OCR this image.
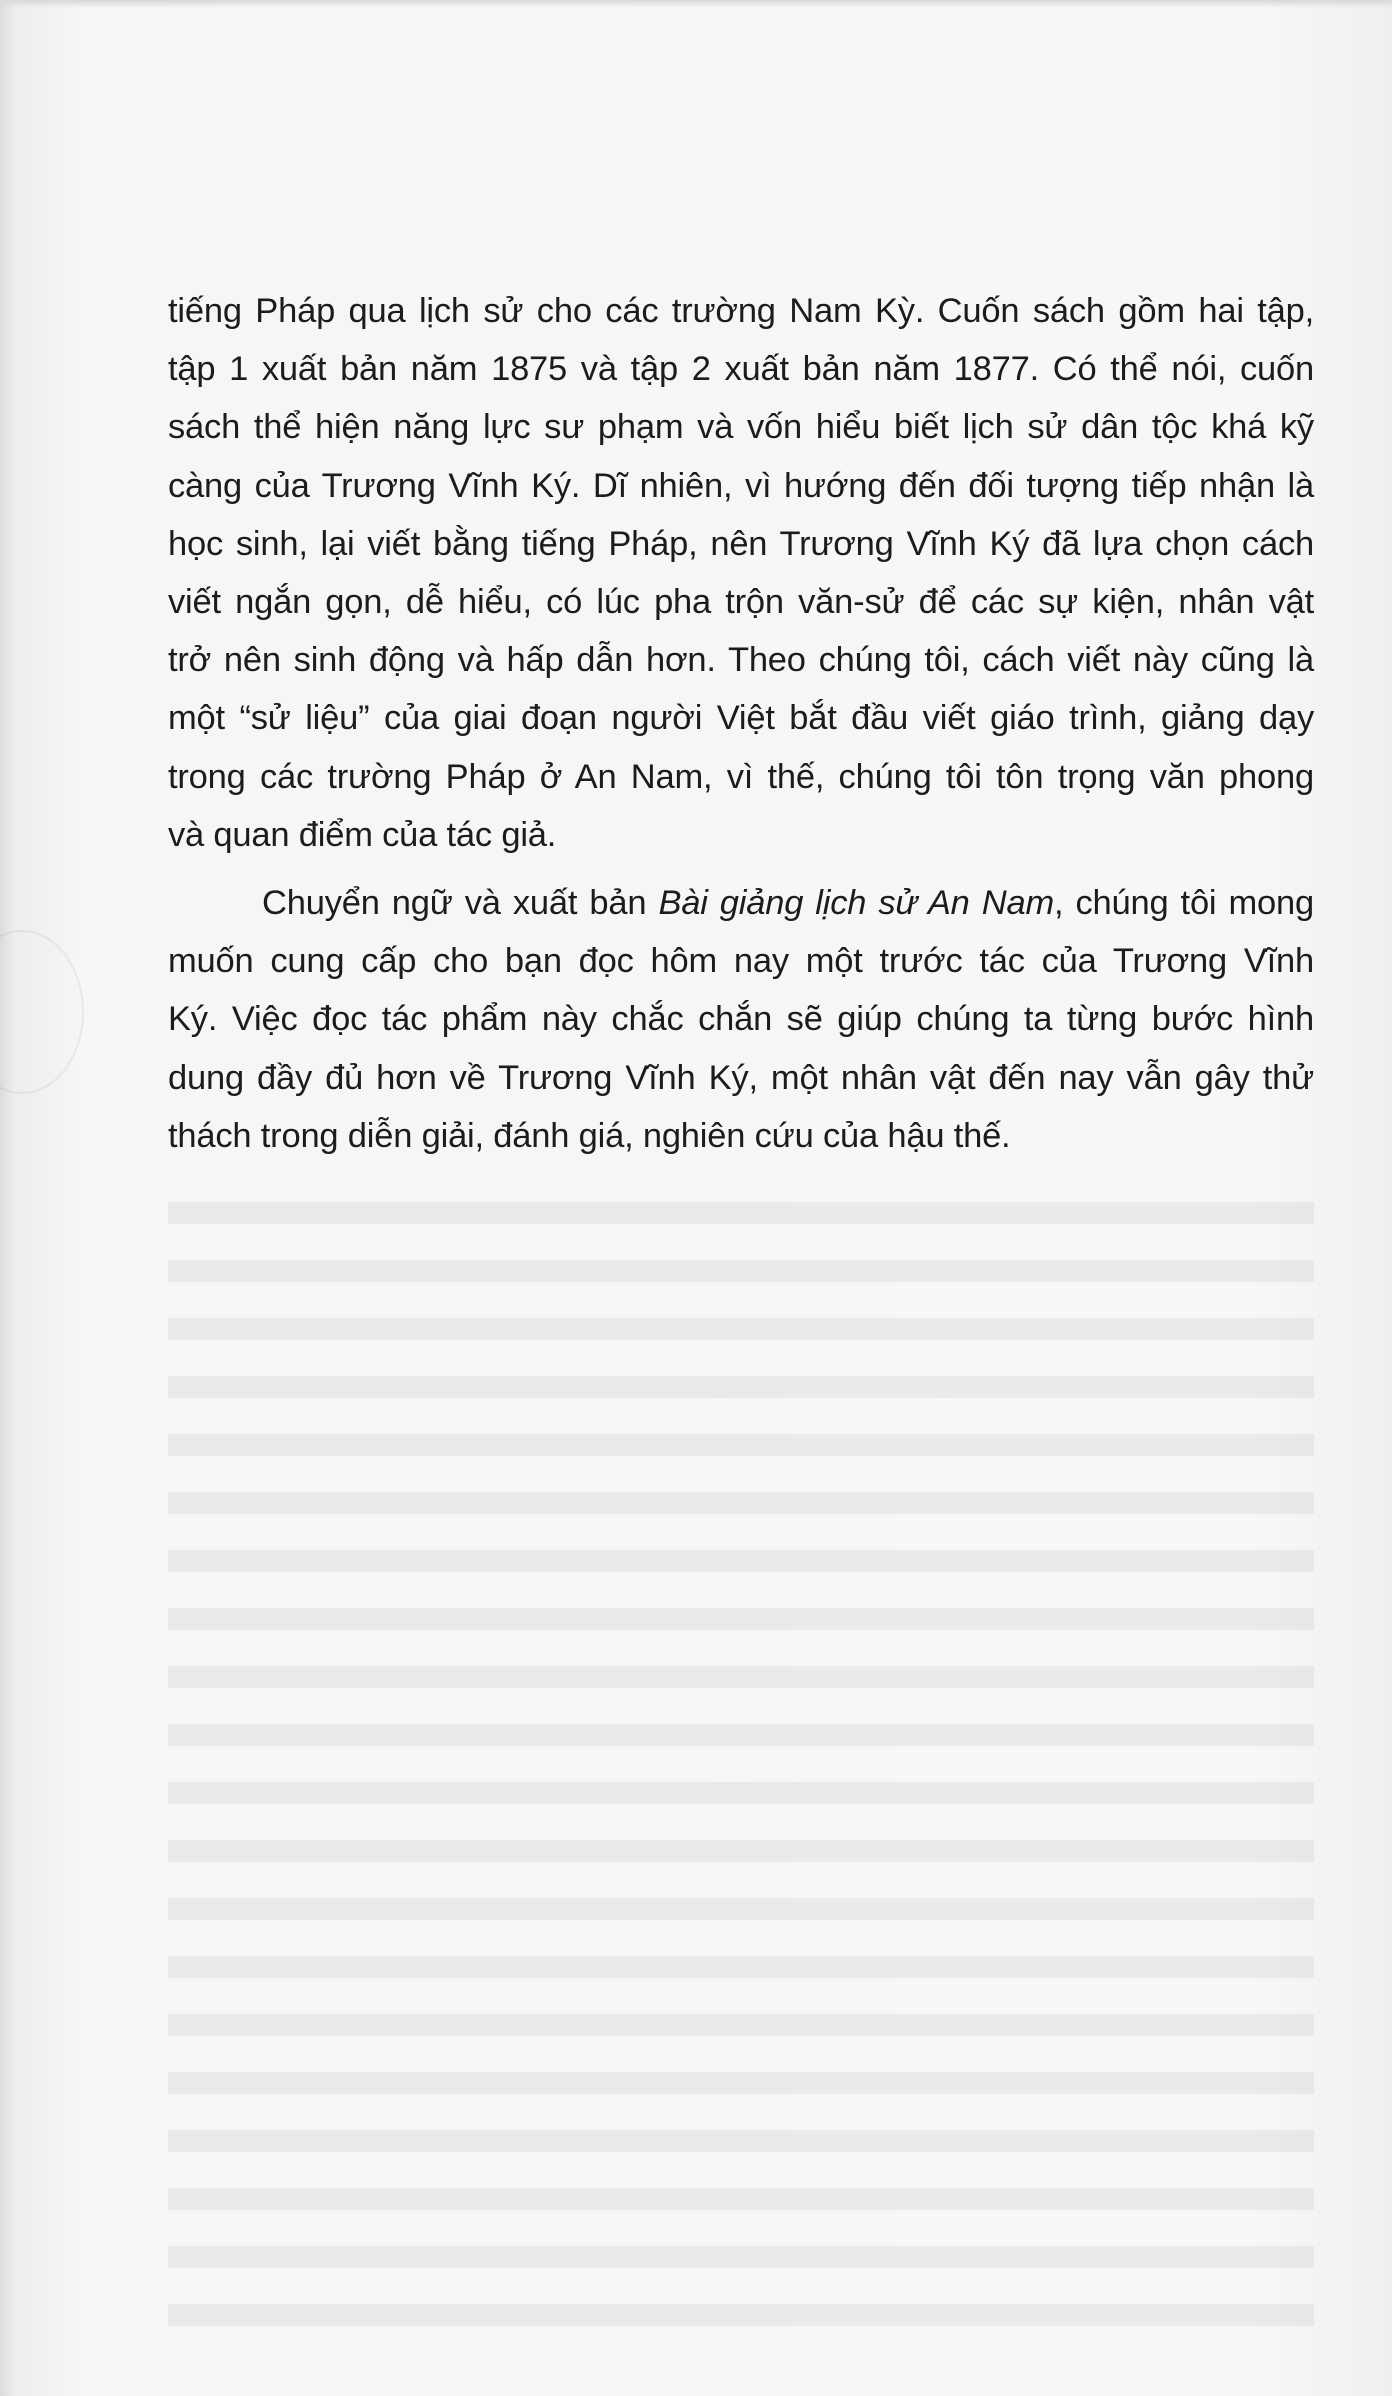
tiếng Pháp qua lịch sử cho các trường Nam Kỳ. Cuốn sách gồm hai tập,
tập 1 xuất bản năm 1875 và tập 2 xuất bản năm 1877. Có thể nói, cuốn
sách thể hiện năng lực sư phạm và vốn hiểu biết lịch sử dân tộc khá kỹ
càng của Trương Vĩnh Ký. Dĩ nhiên, vì hướng đến đối tượng tiếp nhận là
học sinh, lại viết bằng tiếng Pháp, nên Trương Vĩnh Ký đã lựa chọn cách
viết ngắn gọn, dễ hiểu, có lúc pha trộn văn-sử để các sự kiện, nhân vật
trở nên sinh động và hấp dẫn hơn. Theo chúng tôi, cách viết này cũng là
một “sử liệu” của giai đoạn người Việt bắt đầu viết giáo trình, giảng dạy
trong các trường Pháp ở An Nam, vì thế, chúng tôi tôn trọng văn phong
và quan điểm của tác giả.

Chuyển ngữ và xuất bản Bài giảng lịch sử An Nam, chúng tôi mong
muốn cung cấp cho bạn đọc hôm nay một trước tác của Trương Vĩnh
Ký. Việc đọc tác phẩm này chắc chắn sẽ giúp chúng ta từng bước hình
dung đầy đủ hơn về Trương Vĩnh Ký, một nhân vật đến nay vẫn gây thử
thách trong diễn giải, đánh giá, nghiên cứu của hậu thế.
